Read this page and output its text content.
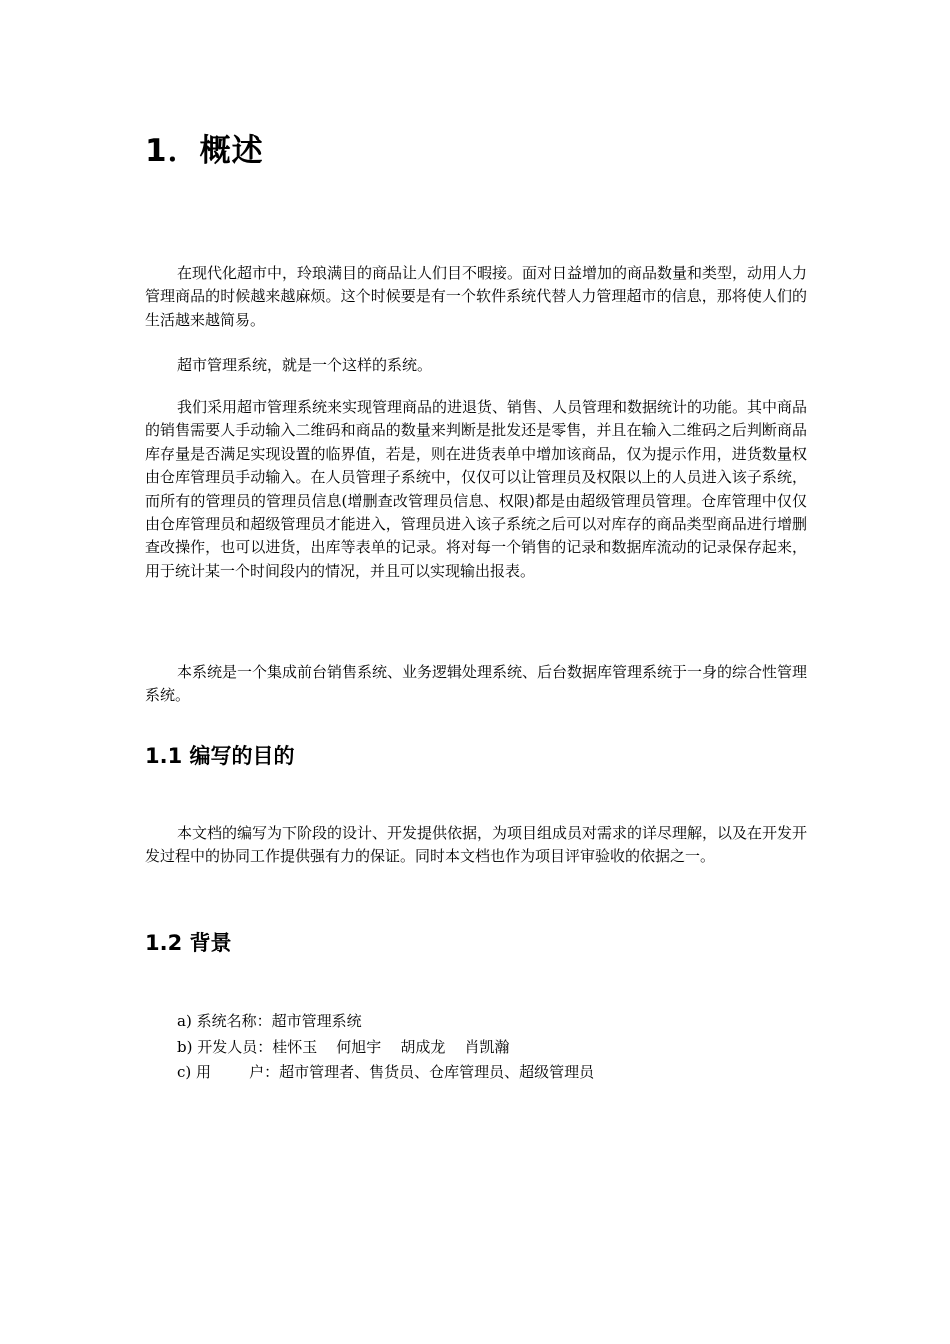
1．概述

在现代化超市中，玲琅满目的商品让人们目不暇接。面对日益增加的商品数量和类型，动用人力管理商品的时候越来越麻烦。这个时候要是有一个软件系统代替人力管理超市的信息，那将使人们的生活越来越简易。

超市管理系统，就是一个这样的系统。

我们采用超市管理系统来实现管理商品的进退货、销售、人员管理和数据统计的功能。其中商品的销售需要人手动输入二维码和商品的数量来判断是批发还是零售，并且在输入二维码之后判断商品库存量是否满足实现设置的临界值，若是，则在进货表单中增加该商品，仅为提示作用，进货数量权由仓库管理员手动输入。在人员管理子系统中，仅仅可以让管理员及权限以上的人员进入该子系统，而所有的管理员的管理员信息(增删查改管理员信息、权限)都是由超级管理员管理。仓库管理中仅仅由仓库管理员和超级管理员才能进入，管理员进入该子系统之后可以对库存的商品类型商品进行增删查改操作，也可以进货，出库等表单的记录。将对每一个销售的记录和数据库流动的记录保存起来，用于统计某一个时间段内的情况，并且可以实现输出报表。

本系统是一个集成前台销售系统、业务逻辑处理系统、后台数据库管理系统于一身的综合性管理系统。

1.1 编写的目的

本文档的编写为下阶段的设计、开发提供依据，为项目组成员对需求的详尽理解，以及在开发开发过程中的协同工作提供强有力的保证。同时本文档也作为项目评审验收的依据之一。

1.2 背景
a) 系统名称：超市管理系统
b) 开发人员：桂怀玉    何旭宇    胡成龙    肖凯瀚
c) 用        户：超市管理者、售货员、仓库管理员、超级管理员
